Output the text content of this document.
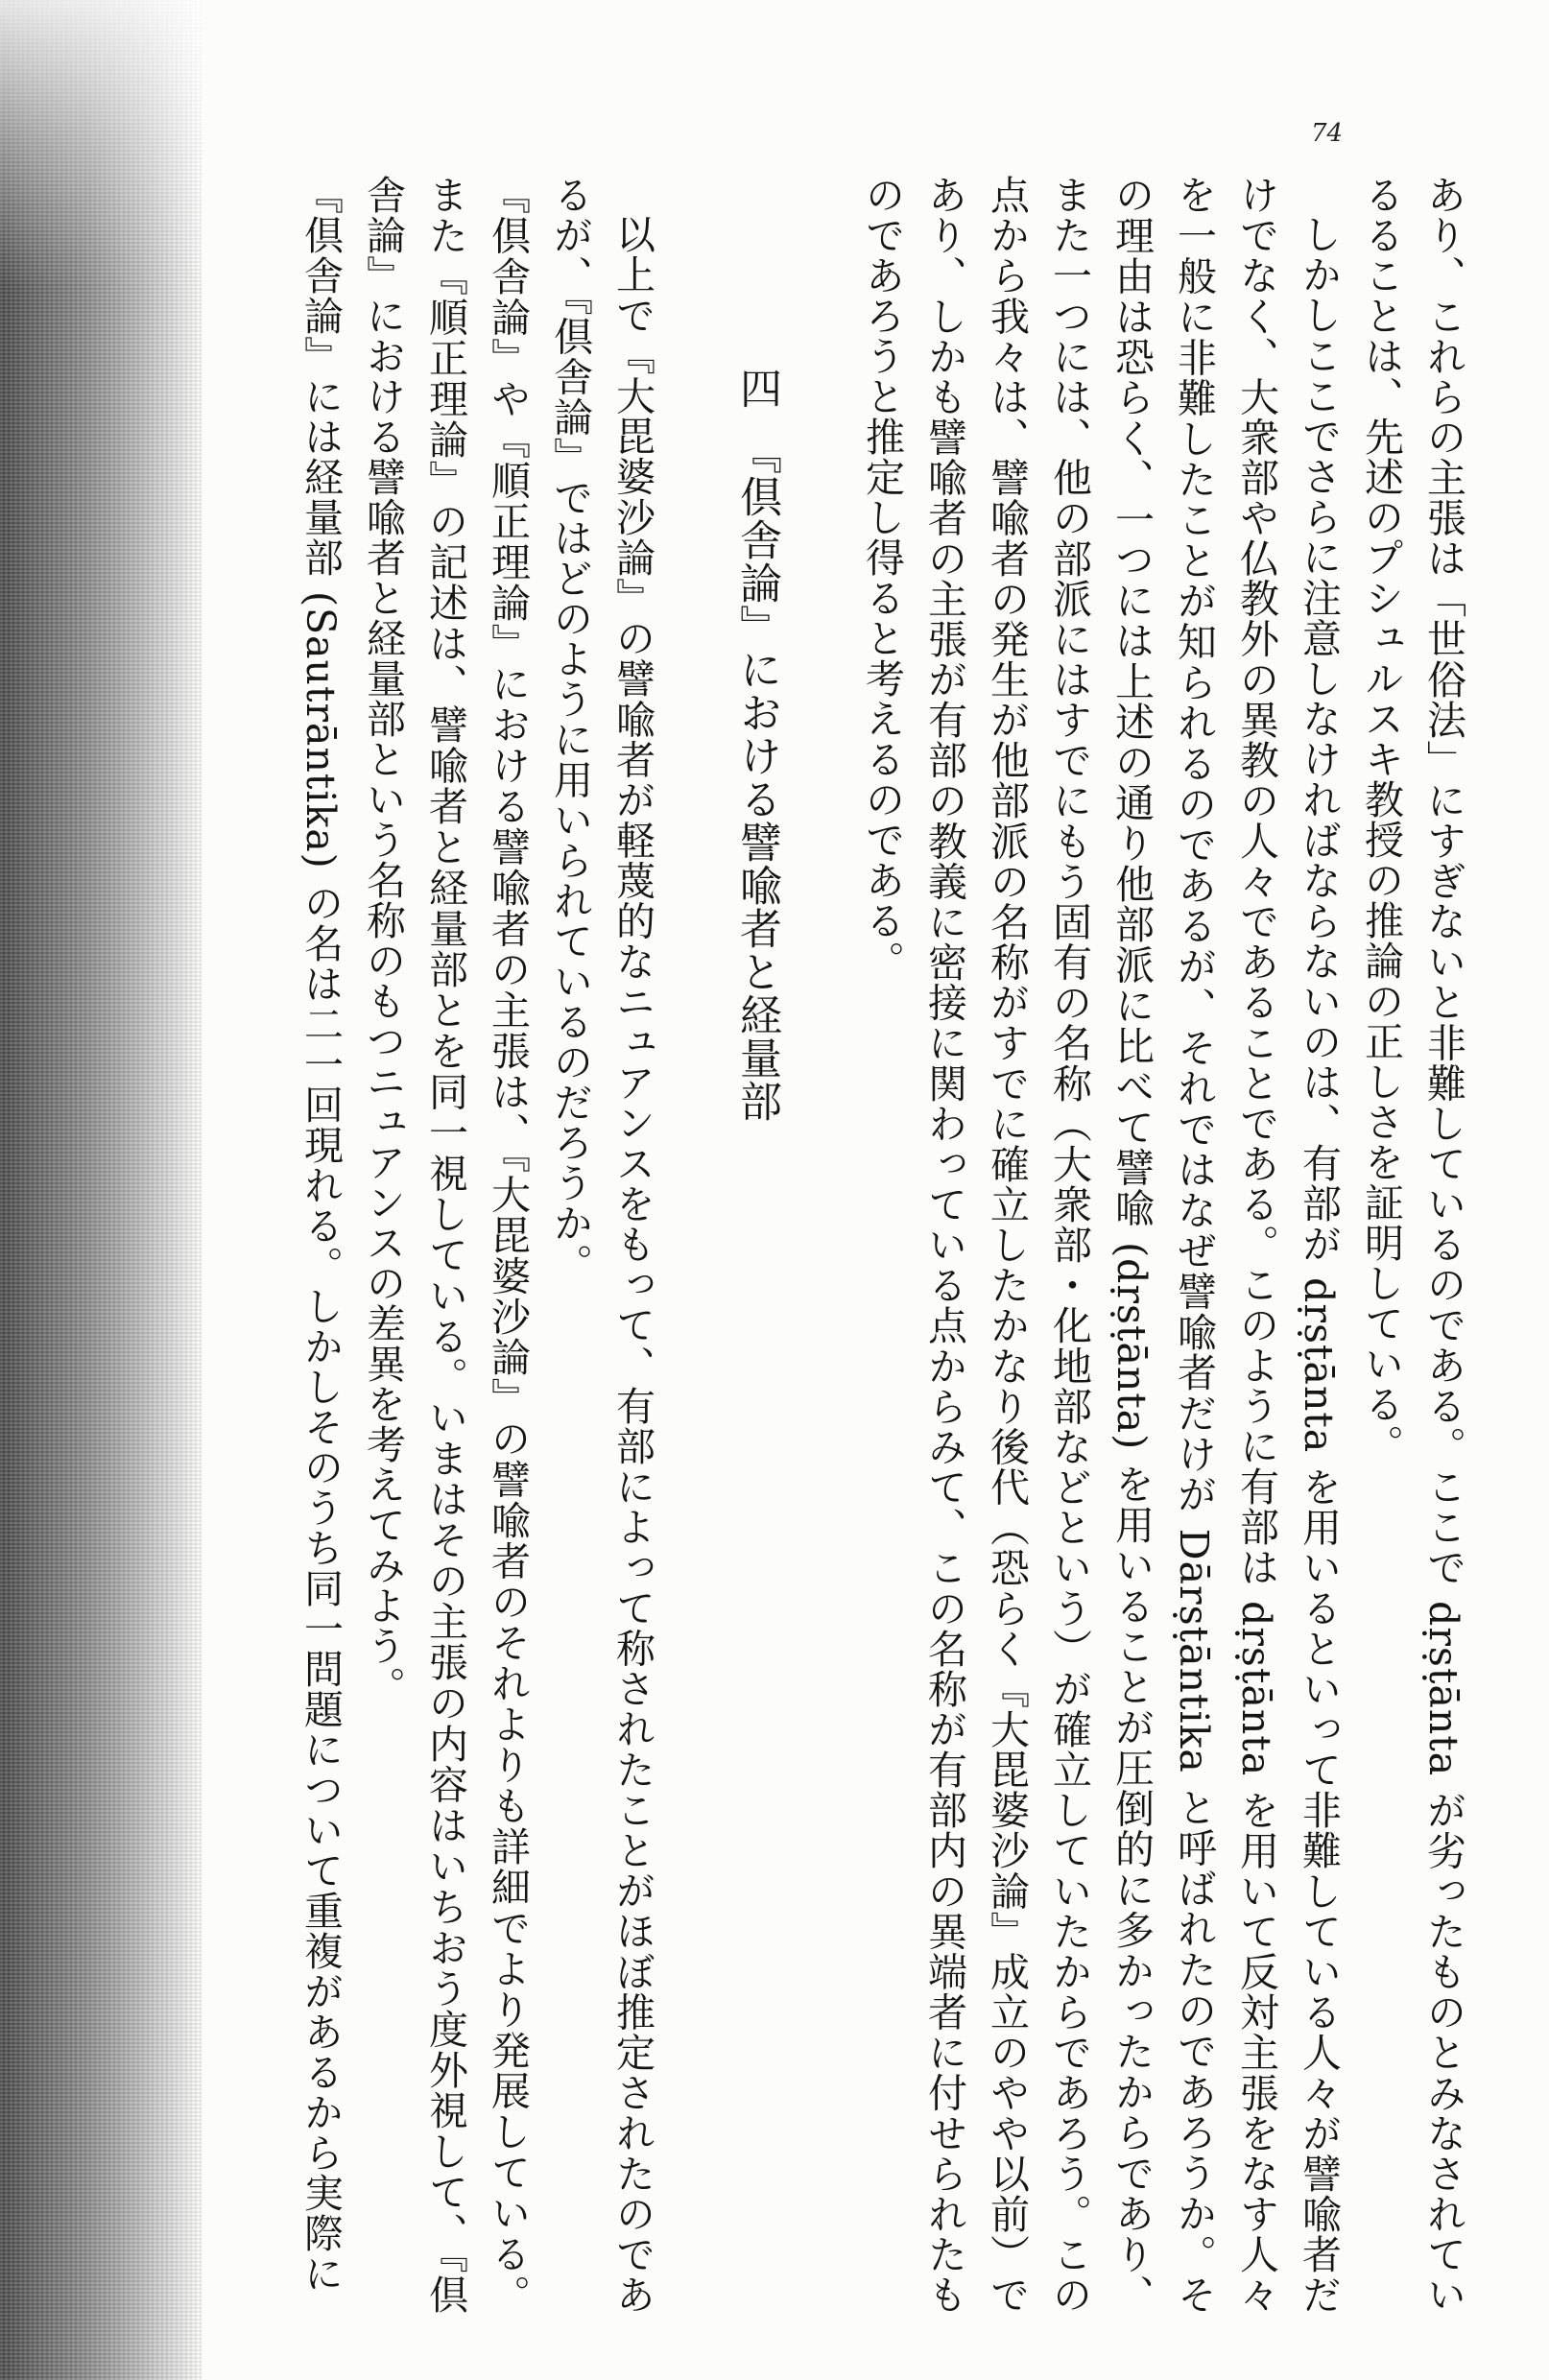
74

あり、これらの主張は「世俗法」にすぎないと非難しているのである。ここで dṛṣṭānta が劣ったものとみなされているることは、先述のプシュルスキ教授の推論の正しさを証明している。

しかしここでさらに注意しなければならないのは、有部が dṛṣṭānta を用いるといって非難している人々が譬喩者だけでなく、大衆部や仏教外の異教の人々であることである。このように有部は dṛṣṭānta を用いて反対主張をなす人々を一般に非難したことが知られるのであるが、それではなぜ譬喩者だけが Dārṣṭāntika と呼ばれたのであろうか。その理由は恐らく、一つには上述の通り他部派に比べて譬喩 (dṛṣṭānta) を用いることが圧倒的に多かったからであり、また一つには、他の部派にはすでにもう固有の名称（大衆部・化地部などという）が確立していたからであろう。この点から我々は、譬喩者の発生が他部派の名称がすでに確立したかなり後代（恐らく『大毘婆沙論』成立のやや以前）であり、しかも譬喩者の主張が有部の教義に密接に関わっている点からみて、この名称が有部内の異端者に付せられたものであろうと推定し得ると考えるのである。

四　『倶舎論』における譬喩者と経量部

以上で『大毘婆沙論』の譬喩者が軽蔑的なニュアンスをもって、有部によって称されたことがほぼ推定されたのであるが、『倶舎論』ではどのように用いられているのだろうか。

『倶舎論』や『順正理論』における譬喩者の主張は、『大毘婆沙論』の譬喩者のそれよりも詳細でより発展している。また『順正理論』の記述は、譬喩者と経量部とを同一視している。いまはその主張の内容はいちおう度外視して、『倶舎論』における譬喩者と経量部という名称のもつニュアンスの差異を考えてみよう。

『倶舎論』には経量部 (Sautrāntika) の名は二一回現れる。しかしそのうち同一問題について重複があるから実際に
